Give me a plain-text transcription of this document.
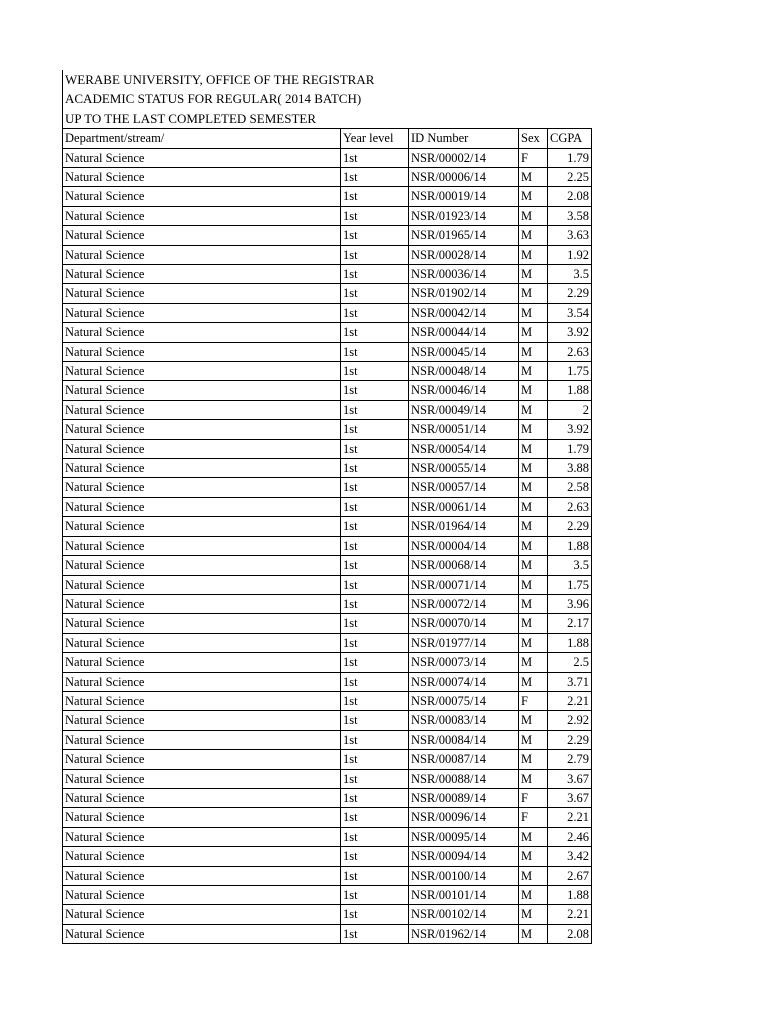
WERABE UNIVERSITY, OFFICE OF THE REGISTRAR
ACADEMIC STATUS FOR REGULAR( 2014 BATCH)
UP TO THE LAST COMPLETED SEMESTER
Department/stream/	Year level	ID Number	Sex	CGPA
Natural Science	1st	NSR/00002/14	F	1.79
Natural Science	1st	NSR/00006/14	M	2.25
Natural Science	1st	NSR/00019/14	M	2.08
Natural Science	1st	NSR/01923/14	M	3.58
Natural Science	1st	NSR/01965/14	M	3.63
Natural Science	1st	NSR/00028/14	M	1.92
Natural Science	1st	NSR/00036/14	M	3.5
Natural Science	1st	NSR/01902/14	M	2.29
Natural Science	1st	NSR/00042/14	M	3.54
Natural Science	1st	NSR/00044/14	M	3.92
Natural Science	1st	NSR/00045/14	M	2.63
Natural Science	1st	NSR/00048/14	M	1.75
Natural Science	1st	NSR/00046/14	M	1.88
Natural Science	1st	NSR/00049/14	M	2
Natural Science	1st	NSR/00051/14	M	3.92
Natural Science	1st	NSR/00054/14	M	1.79
Natural Science	1st	NSR/00055/14	M	3.88
Natural Science	1st	NSR/00057/14	M	2.58
Natural Science	1st	NSR/00061/14	M	2.63
Natural Science	1st	NSR/01964/14	M	2.29
Natural Science	1st	NSR/00004/14	M	1.88
Natural Science	1st	NSR/00068/14	M	3.5
Natural Science	1st	NSR/00071/14	M	1.75
Natural Science	1st	NSR/00072/14	M	3.96
Natural Science	1st	NSR/00070/14	M	2.17
Natural Science	1st	NSR/01977/14	M	1.88
Natural Science	1st	NSR/00073/14	M	2.5
Natural Science	1st	NSR/00074/14	M	3.71
Natural Science	1st	NSR/00075/14	F	2.21
Natural Science	1st	NSR/00083/14	M	2.92
Natural Science	1st	NSR/00084/14	M	2.29
Natural Science	1st	NSR/00087/14	M	2.79
Natural Science	1st	NSR/00088/14	M	3.67
Natural Science	1st	NSR/00089/14	F	3.67
Natural Science	1st	NSR/00096/14	F	2.21
Natural Science	1st	NSR/00095/14	M	2.46
Natural Science	1st	NSR/00094/14	M	3.42
Natural Science	1st	NSR/00100/14	M	2.67
Natural Science	1st	NSR/00101/14	M	1.88
Natural Science	1st	NSR/00102/14	M	2.21
Natural Science	1st	NSR/01962/14	M	2.08
